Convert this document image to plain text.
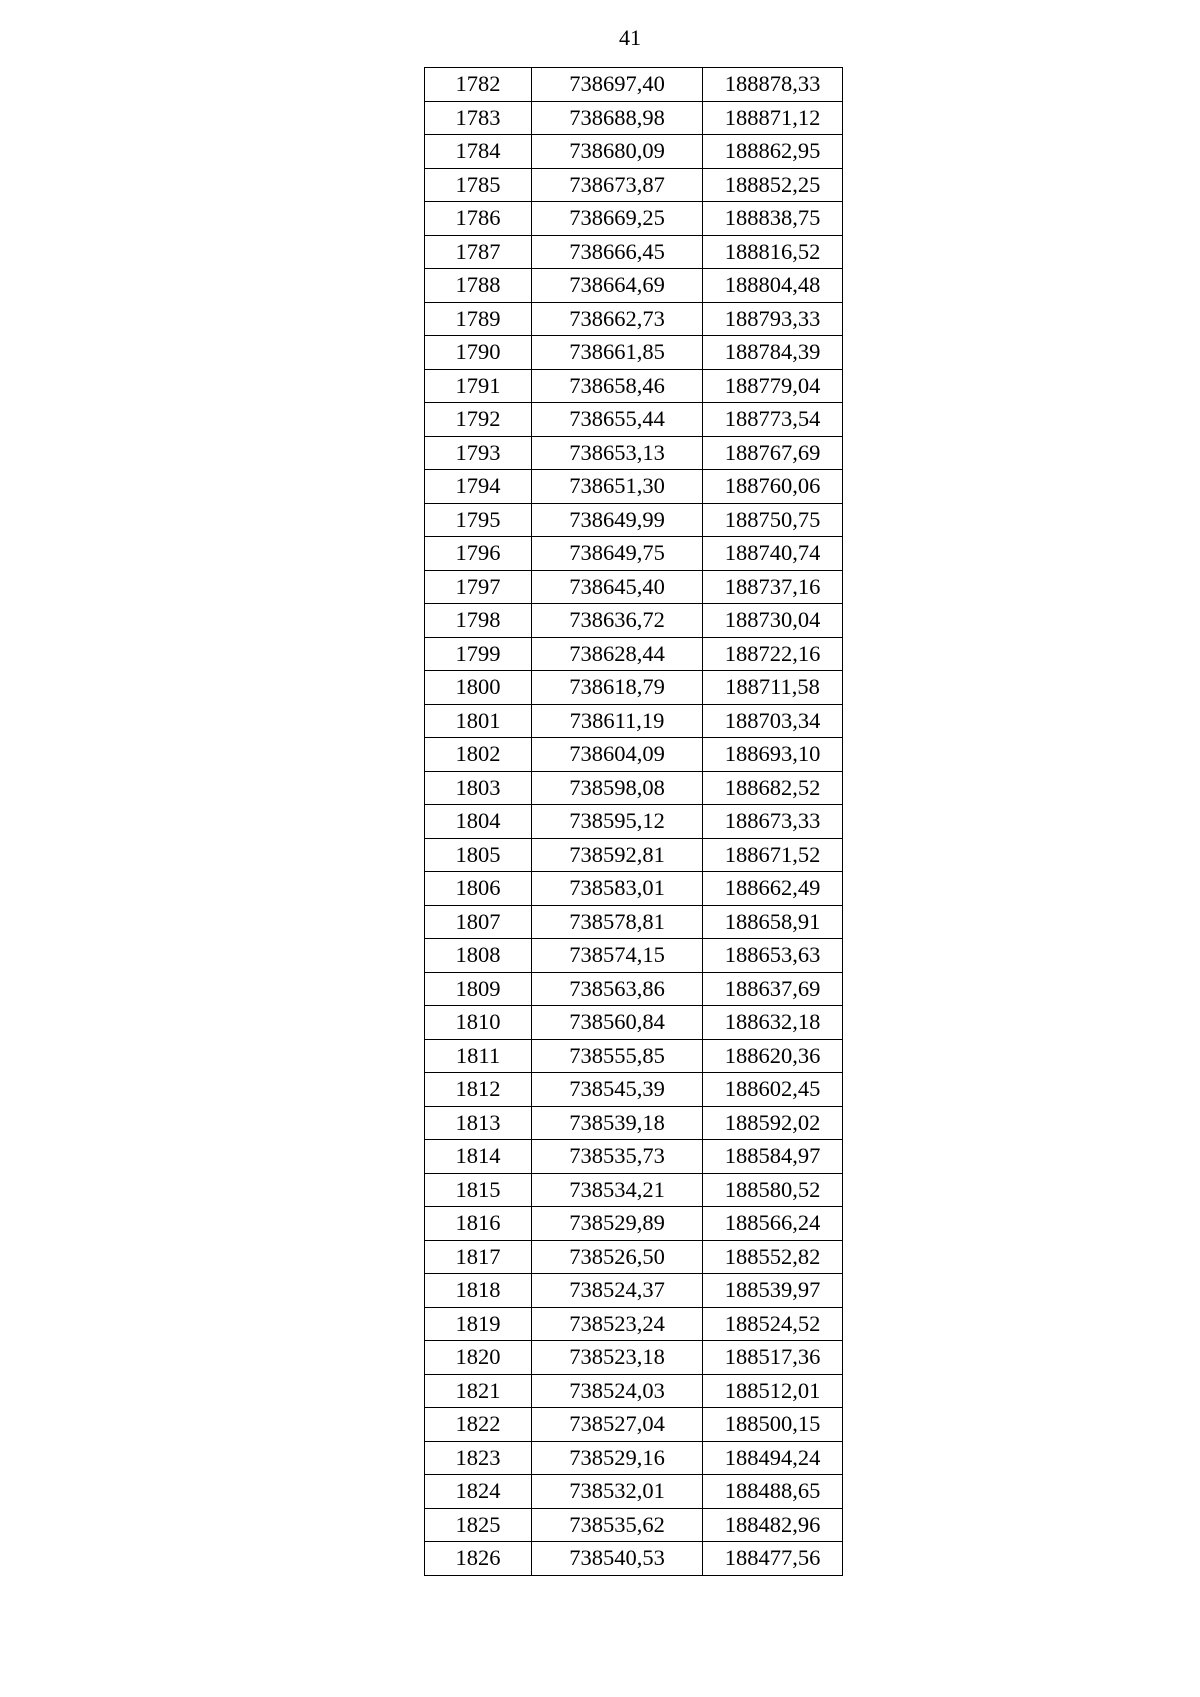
41
1782	738697,40	188878,33
1783	738688,98	188871,12
1784	738680,09	188862,95
1785	738673,87	188852,25
1786	738669,25	188838,75
1787	738666,45	188816,52
1788	738664,69	188804,48
1789	738662,73	188793,33
1790	738661,85	188784,39
1791	738658,46	188779,04
1792	738655,44	188773,54
1793	738653,13	188767,69
1794	738651,30	188760,06
1795	738649,99	188750,75
1796	738649,75	188740,74
1797	738645,40	188737,16
1798	738636,72	188730,04
1799	738628,44	188722,16
1800	738618,79	188711,58
1801	738611,19	188703,34
1802	738604,09	188693,10
1803	738598,08	188682,52
1804	738595,12	188673,33
1805	738592,81	188671,52
1806	738583,01	188662,49
1807	738578,81	188658,91
1808	738574,15	188653,63
1809	738563,86	188637,69
1810	738560,84	188632,18
1811	738555,85	188620,36
1812	738545,39	188602,45
1813	738539,18	188592,02
1814	738535,73	188584,97
1815	738534,21	188580,52
1816	738529,89	188566,24
1817	738526,50	188552,82
1818	738524,37	188539,97
1819	738523,24	188524,52
1820	738523,18	188517,36
1821	738524,03	188512,01
1822	738527,04	188500,15
1823	738529,16	188494,24
1824	738532,01	188488,65
1825	738535,62	188482,96
1826	738540,53	188477,56
